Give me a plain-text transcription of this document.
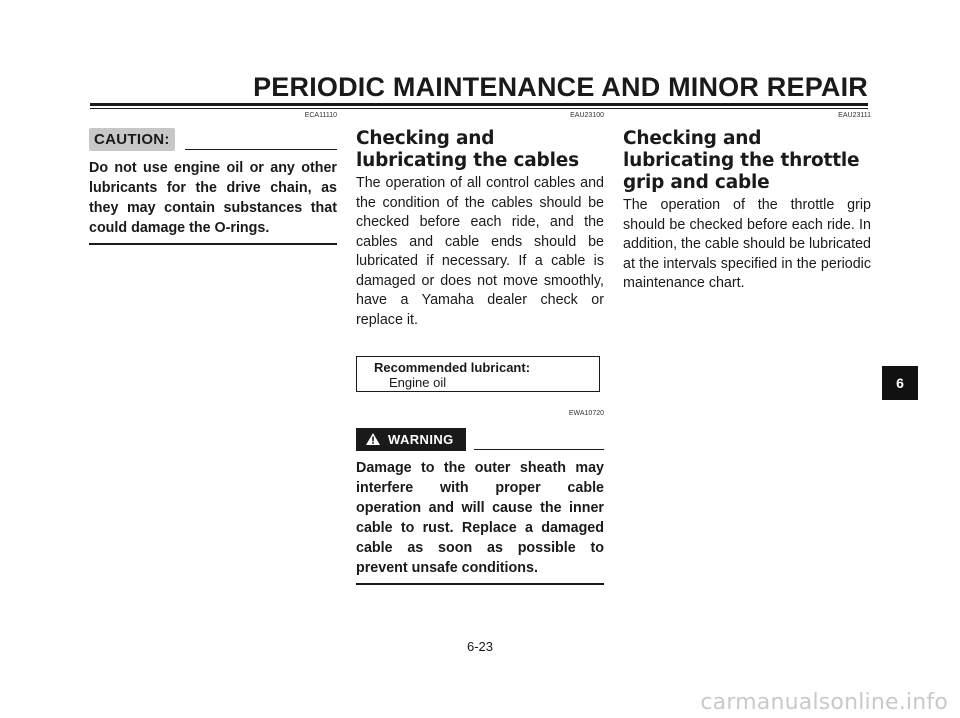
PERIODIC MAINTENANCE AND MINOR REPAIR
ECA11110
CAUTION:
Do not use engine oil or any other lubricants for the drive chain, as they may contain substances that could damage the O-rings.
EAU23100
Checking and lubricating the cables
The operation of all control cables and the condition of the cables should be checked before each ride, and the cables and cable ends should be lubricated if necessary. If a cable is damaged or does not move smoothly, have a Yamaha dealer check or replace it.
Recommended lubricant:
Engine oil
EWA10720
WARNING
Damage to the outer sheath may interfere with proper cable operation and will cause the inner cable to rust. Replace a damaged cable as soon as possible to prevent unsafe conditions.
EAU23111
Checking and lubricating the throttle grip and cable
The operation of the throttle grip should be checked before each ride. In addition, the cable should be lubricated at the intervals specified in the periodic maintenance chart.
6
6-23
carmanualsonline.info
